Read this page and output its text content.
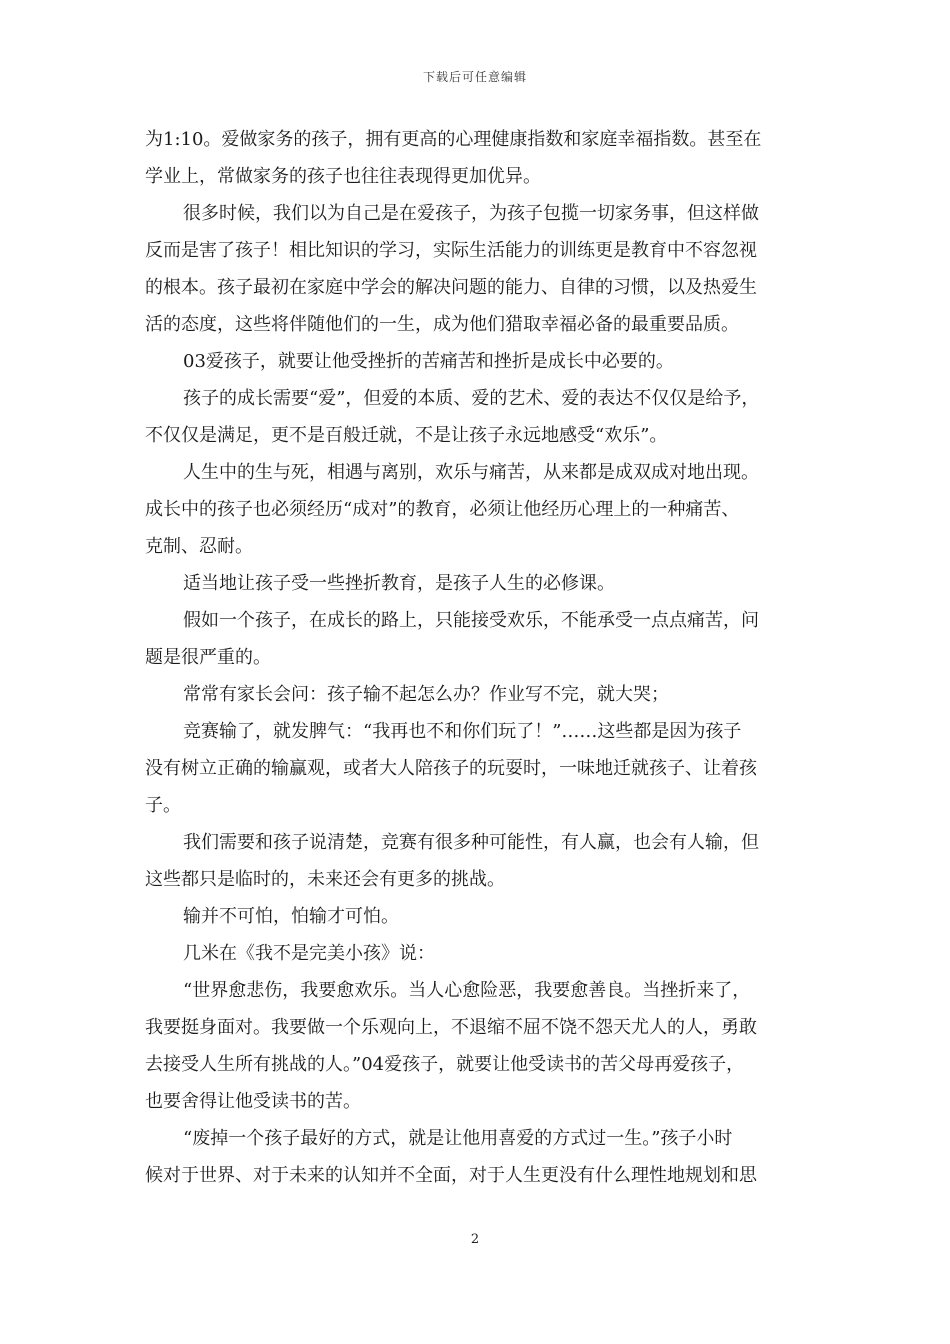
下载后可任意编辑
为1:10。爱做家务的孩子，拥有更高的心理健康指数和家庭幸福指数。甚至在
学业上，常做家务的孩子也往往表现得更加优异。
很多时候，我们以为自己是在爱孩子，为孩子包揽一切家务事，但这样做
反而是害了孩子！相比知识的学习，实际生活能力的训练更是教育中不容忽视
的根本。孩子最初在家庭中学会的解决问题的能力、自律的习惯，以及热爱生
活的态度，这些将伴随他们的一生，成为他们猎取幸福必备的最重要品质。
03爱孩子，就要让他受挫折的苦痛苦和挫折是成长中必要的。
孩子的成长需要“爱”，但爱的本质、爱的艺术、爱的表达不仅仅是给予，
不仅仅是满足，更不是百般迁就，不是让孩子永远地感受“欢乐”。
人生中的生与死，相遇与离别，欢乐与痛苦，从来都是成双成对地出现。
成长中的孩子也必须经历“成对”的教育，必须让他经历心理上的一种痛苦、
克制、忍耐。
适当地让孩子受一些挫折教育，是孩子人生的必修课。
假如一个孩子，在成长的路上，只能接受欢乐，不能承受一点点痛苦，问
题是很严重的。
常常有家长会问：孩子输不起怎么办？作业写不完，就大哭；
竞赛输了，就发脾气：“我再也不和你们玩了！”……这些都是因为孩子
没有树立正确的输赢观，或者大人陪孩子的玩耍时，一味地迁就孩子、让着孩
子。
我们需要和孩子说清楚，竞赛有很多种可能性，有人赢，也会有人输，但
这些都只是临时的，未来还会有更多的挑战。
输并不可怕，怕输才可怕。
几米在《我不是完美小孩》说：
“世界愈悲伤，我要愈欢乐。当人心愈险恶，我要愈善良。当挫折来了，
我要挺身面对。我要做一个乐观向上，不退缩不屈不饶不怨天尤人的人，勇敢
去接受人生所有挑战的人。”04爱孩子，就要让他受读书的苦父母再爱孩子，
也要舍得让他受读书的苦。
“废掉一个孩子最好的方式，就是让他用喜爱的方式过一生。”孩子小时
候对于世界、对于未来的认知并不全面，对于人生更没有什么理性地规划和思
2
